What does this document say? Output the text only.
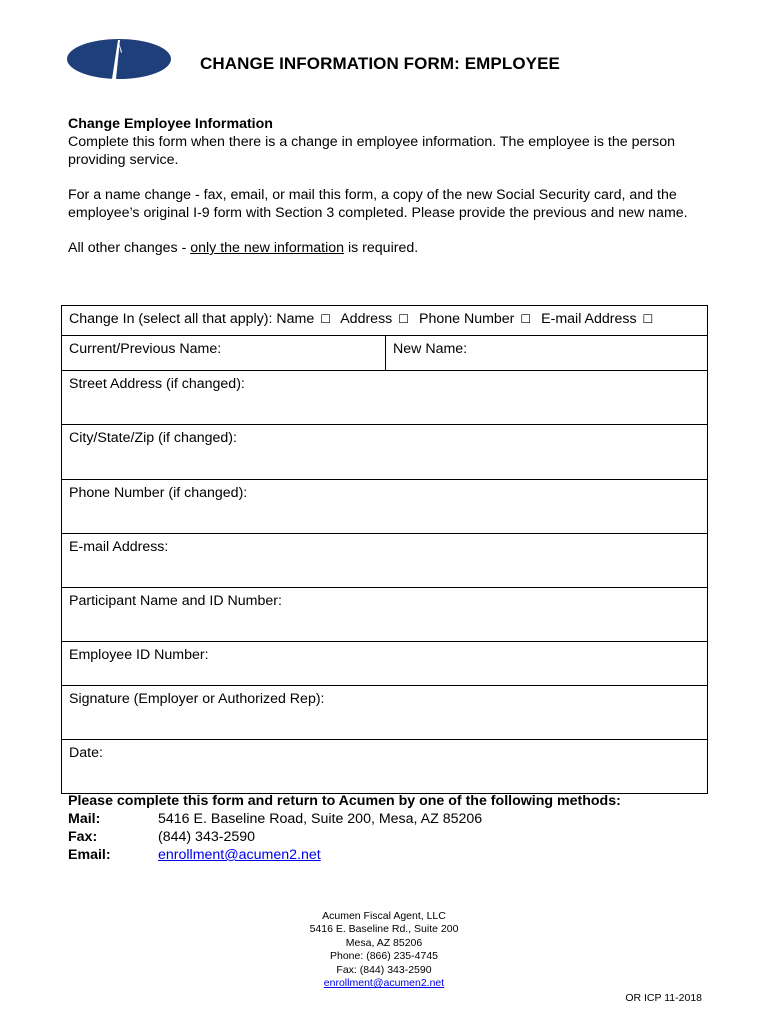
CHANGE INFORMATION FORM: EMPLOYEE

Change Employee Information

Complete this form when there is a change in employee information. The employee is the person providing service.

For a name change - fax, email, or mail this form, a copy of the new Social Security card, and the employee’s original I-9 form with Section 3 completed. Please provide the previous and new name.

All other changes - only the new information is required.

Change In (select all that apply): Name ☐ Address ☐ Phone Number ☐ E-mail Address ☐
Current/Previous Name:	New Name:
Street Address (if changed):
City/State/Zip (if changed):
Phone Number (if changed):
E-mail Address:
Participant Name and ID Number:
Employee ID Number:
Signature (Employer or Authorized Rep):
Date:
Please complete this form and return to Acumen by one of the following methods:
Mail:	5416 E. Baseline Road, Suite 200, Mesa, AZ 85206
Fax:	(844) 343-2590
Email:	enrollment@acumen2.net
Acumen Fiscal Agent, LLC
5416 E. Baseline Rd., Suite 200
Mesa, AZ 85206
Phone: (866) 235-4745
Fax: (844) 343-2590
enrollment@acumen2.net
OR ICP 11-2018
